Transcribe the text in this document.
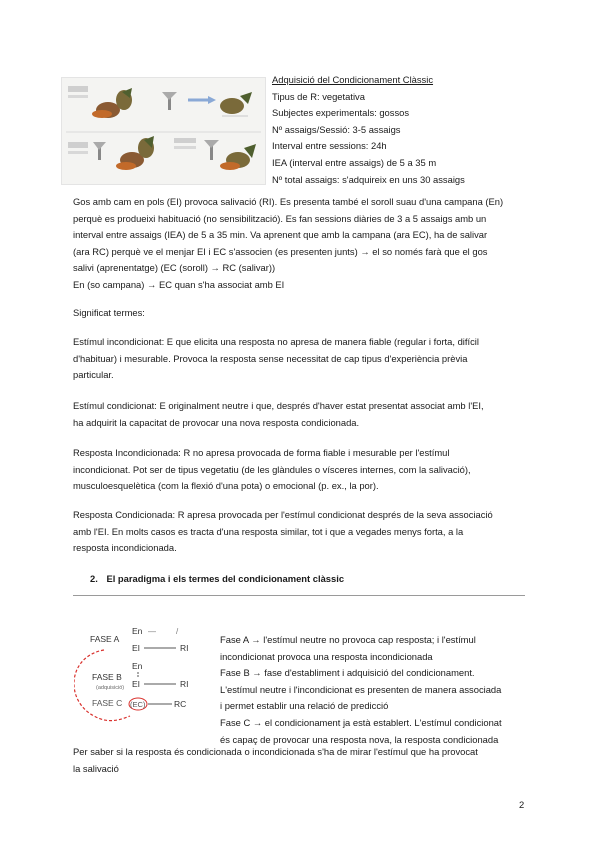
Adquisició del Condicionament Clàssic

Tipus de R: vegetativa

Subjectes experimentals: gossos

Nº assaigs/Sessió: 3-5 assaigs

Interval entre sessions: 24h

IEA (interval entre assaigs) de 5 a 35 m

Nº total assaigs: s'adquireix en uns 30 assaigs

Gos amb cam en pols (EI) provoca salivació (RI). Es presenta també el soroll suau d'una campana (En)

perquè es produeixi habituació (no sensibilització). Es fan sessions diàries de 3 a 5 assaigs amb un

interval entre assaigs (IEA) de 5 a 35 min. Va aprenent que amb la campana (ara EC), ha de salivar

(ara RC) perquè ve el menjar EI i EC s'associen (es presenten junts) → el so només farà que el gos

salivi (aprenentatge) (EC (soroll) → RC (salivar))

En (so campana) → EC quan s'ha associat amb EI

Significat termes:

Estímul incondicionat: E que elicita una resposta no apresa de manera fiable (regular i forta, difícil

d'habituar) i mesurable. Provoca la resposta sense necessitat de cap tipus d'experiència prèvia

particular.

Estímul condicionat: E originalment neutre i que, després d'haver estat presentat associat amb l'EI,

ha adquirit la capacitat de provocar una nova resposta condicionada.

Resposta Incondicionada: R no apresa provocada de forma fiable i mesurable per l'estímul

incondicionat. Pot ser de tipus vegetatiu (de les glàndules o vísceres internes, com la salivació),

musculoesquelètica (com la flexió d'una pota) o emocional (p. ex., la por).

Resposta Condicionada: R apresa provocada per l'estímul condicionat després de la seva associació

amb l'EI. En molts casos es tracta d'una resposta similar, tot i que a vegades menys forta, a la

resposta incondicionada.

2. El paradigma i els termes del condicionament clàssic
FASE A
FASE B
(adquisició)
FASE C
En —	/
EI	RI
En
EI	RI
(EC)	RC

Fase A → l'estímul neutre no provoca cap resposta; i l'estímul

incondicionat provoca una resposta incondicionada

Fase B → fase d'establiment i adquisició del condicionament.

L'estímul neutre i l'incondicionat es presenten de manera associada

i permet establir una relació de predicció

Fase C → el condicionament ja està establert. L'estímul condicionat

és capaç de provocar una resposta nova, la resposta condicionada

Per saber si la resposta és condicionada o incondicionada s'ha de mirar l'estímul que ha provocat

la salivació

2
